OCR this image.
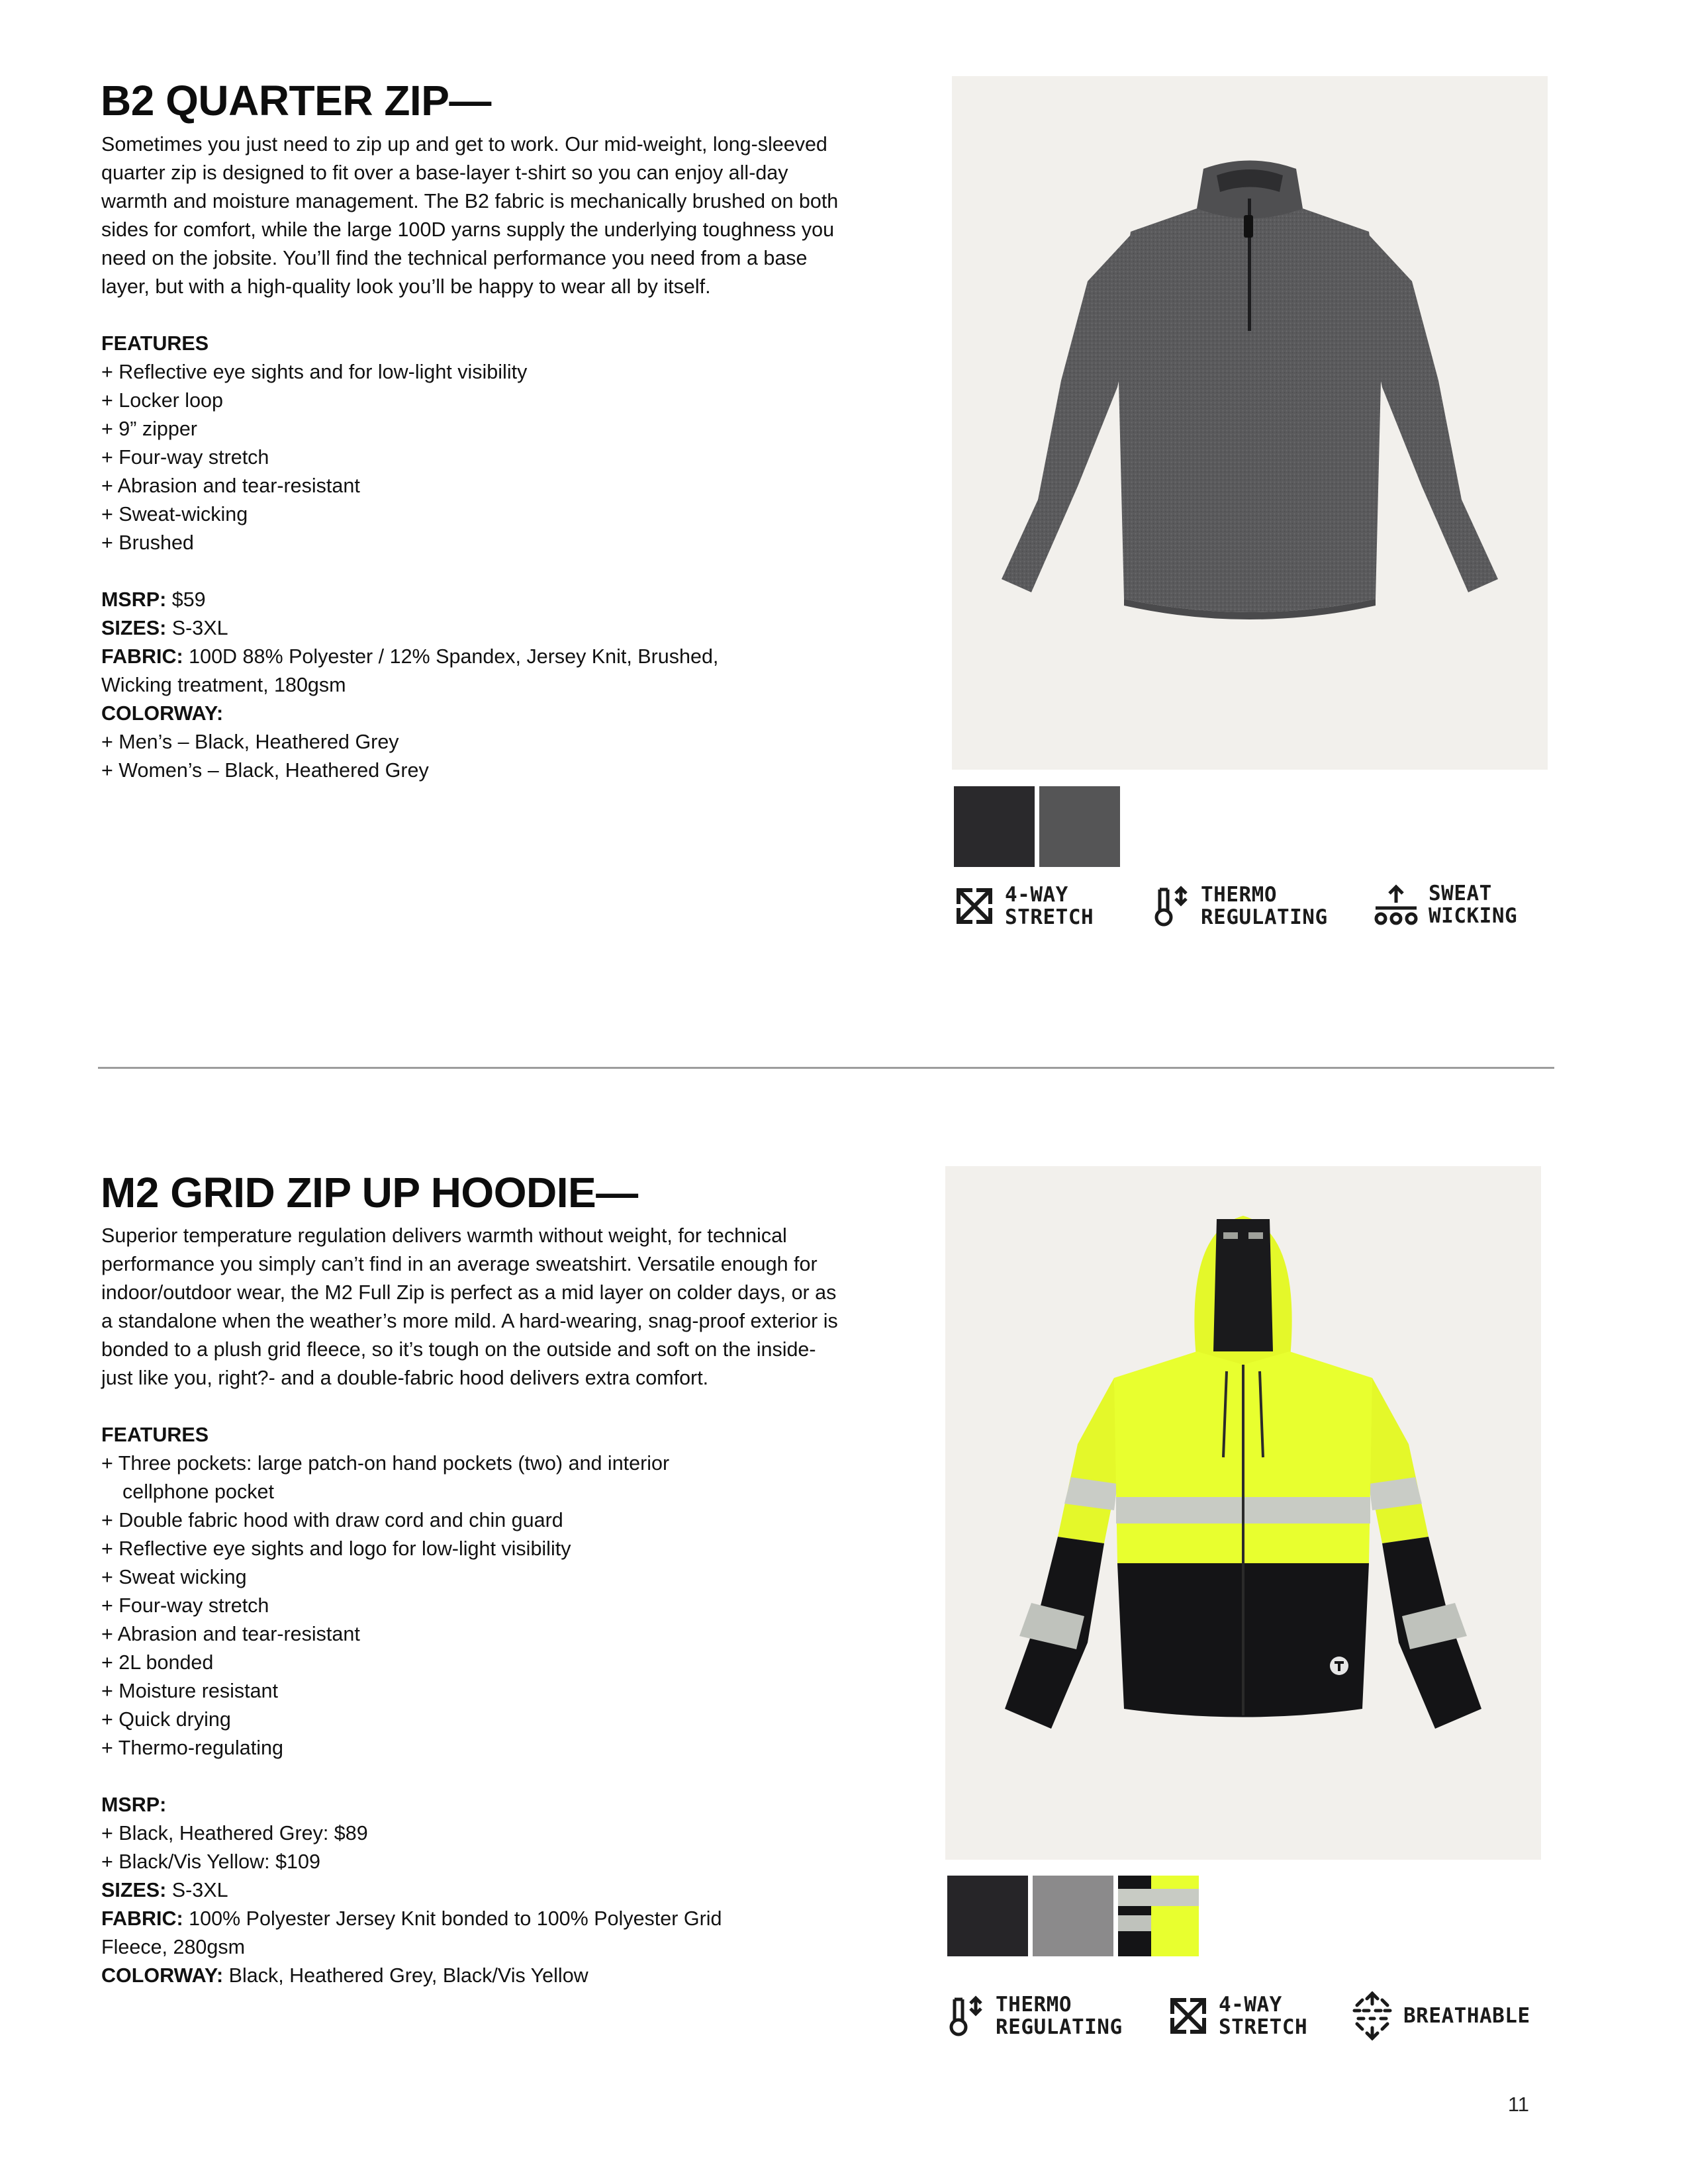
B2 QUARTER ZIP—

Sometimes you just need to zip up and get to work. Our mid-weight, long-sleeved quarter zip is designed to fit over a base-layer t-shirt so you can enjoy all-day warmth and moisture management. The B2 fabric is mechanically brushed on both sides for comfort, while the large 100D yarns supply the underlying toughness you need on the jobsite. You’ll find the technical performance you need from a base layer, but with a high-quality look you’ll be happy to wear all by itself.

FEATURES
+ Reflective eye sights and for low-light visibility
+ Locker loop
+ 9” zipper
+ Four-way stretch
+ Abrasion and tear-resistant
+ Sweat-wicking
+ Brushed

MSRP: $59

SIZES: S-3XL

FABRIC: 100D 88% Polyester / 12% Spandex, Jersey Knit, Brushed, Wicking treatment, 180gsm

COLORWAY:

+ Men’s – Black, Heathered Grey

+ Women’s – Black, Heathered Grey

4-WAY
STRETCH
THERMO
REGULATING
SWEAT
WICKING
M2 GRID ZIP UP HOODIE—

Superior temperature regulation delivers warmth without weight, for technical performance you simply can’t find in an average sweatshirt. Versatile enough for indoor/outdoor wear, the M2 Full Zip is perfect as a mid layer on colder days, or as a standalone when the weather’s more mild. A hard-wearing, snag-proof exterior is bonded to a plush grid fleece, so it’s tough on the outside and soft on the inside-just like you, right?- and a double-fabric hood delivers extra comfort.

FEATURES
+ Three pockets: large patch-on hand pockets (two) and interior
cellphone pocket
+ Double fabric hood with draw cord and chin guard
+ Reflective eye sights and logo for low-light visibility
+ Sweat wicking
+ Four-way stretch
+ Abrasion and tear-resistant
+ 2L bonded
+ Moisture resistant
+ Quick drying
+ Thermo-regulating

MSRP:

+ Black, Heathered Grey: $89

+ Black/Vis Yellow: $109

SIZES: S-3XL

FABRIC: 100% Polyester Jersey Knit bonded to 100% Polyester Grid Fleece, 280gsm

COLORWAY: Black, Heathered Grey, Black/Vis Yellow

THERMO
REGULATING
4-WAY
STRETCH	BREATHABLE
11
